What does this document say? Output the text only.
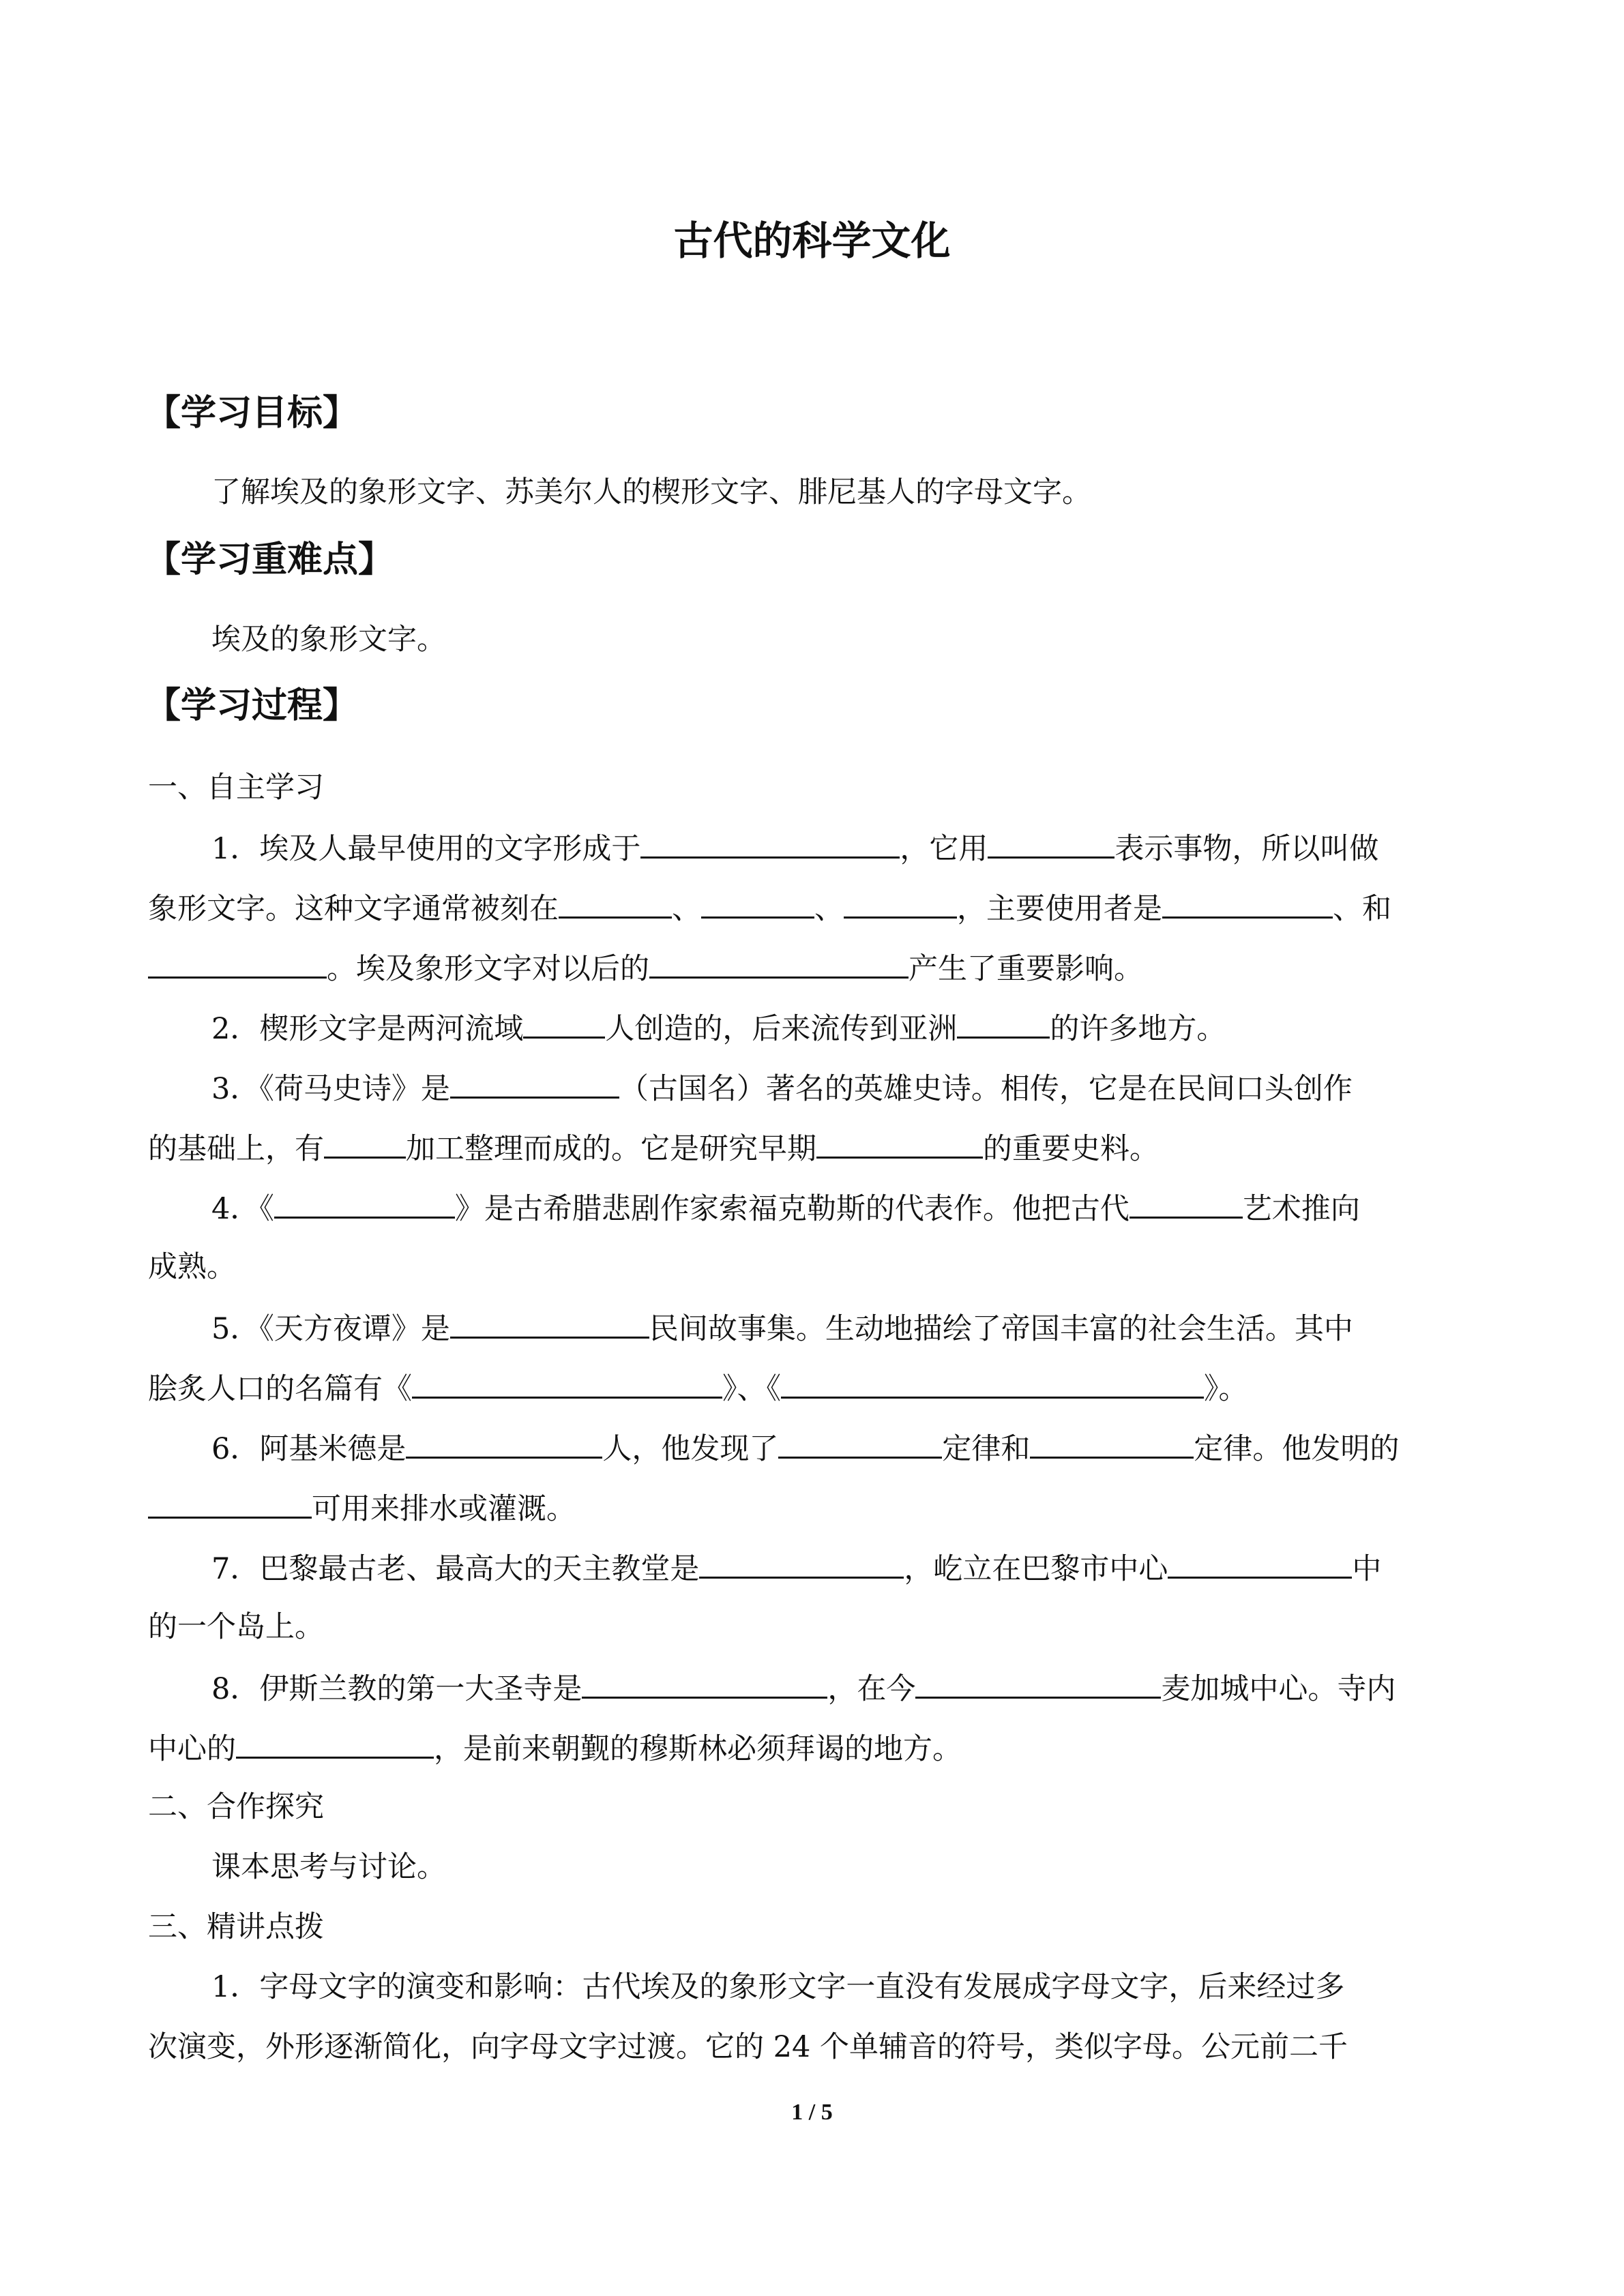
古代的科学文化
【学习目标】
了解埃及的象形文字、苏美尔人的楔形文字、腓尼基人的字母文字。
【学习重难点】
埃及的象形文字。
【学习过程】
一、自主学习
1．埃及人最早使用的文字形成于	，它用	表示事物，所以叫做
象形文字。这种文字通常被刻在	、	、	，主要使用者是	、和
。埃及象形文字对以后的	产生了重要影响。
2．楔形文字是两河流域	人创造的，后来流传到亚洲	的许多地方。
3．《荷马史诗》是	（古国名）著名的英雄史诗。相传，它是在民间口头创作
的基础上，有	加工整理而成的。它是研究早期	的重要史料。
4．《	》是古希腊悲剧作家索福克勒斯的代表作。他把古代	艺术推向
成熟。
5．《天方夜谭》是	民间故事集。生动地描绘了帝国丰富的社会生活。其中
脍炙人口的名篇有《	》、《	》。
6．阿基米德是	人，他发现了	定律和	定律。他发明的
可用来排水或灌溉。
7．巴黎最古老、最高大的天主教堂是	，屹立在巴黎市中心	中
的一个岛上。
8．伊斯兰教的第一大圣寺是	，在今	麦加城中心。寺内
中心的	，是前来朝觐的穆斯林必须拜谒的地方。
二、合作探究
课本思考与讨论。
三、精讲点拨
1．字母文字的演变和影响：古代埃及的象形文字一直没有发展成字母文字，后来经过多
次演变，外形逐渐简化，向字母文字过渡。它的 24 个单辅音的符号，类似字母。公元前二千
1 / 5
